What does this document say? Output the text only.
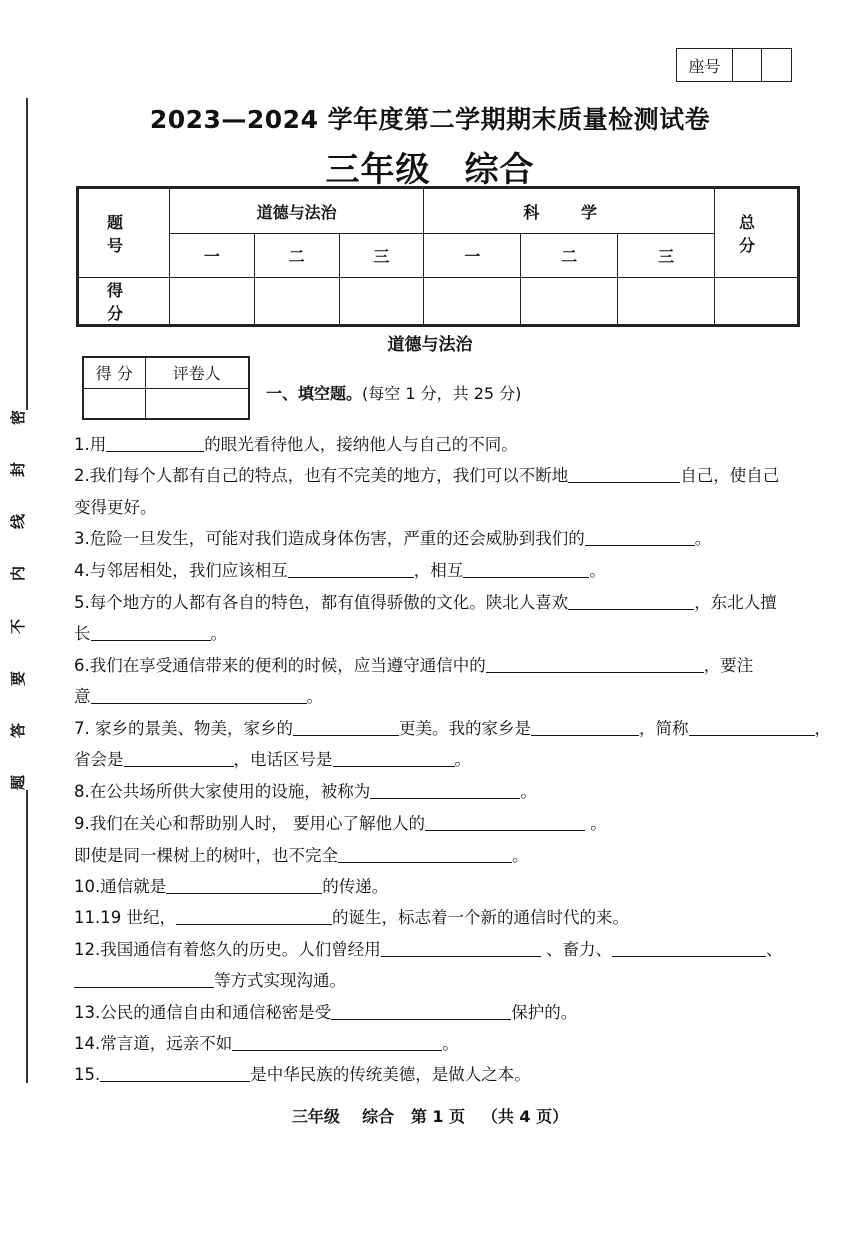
座号
密
封
线
内
不
要
答
题
2023—2024 学年度第二学期期末质量检测试卷
三年级 综合
题 号	道德与法治			科 学			总 分
	一	二	三	一	二	三	
得 分							
道德与法治
得 分	评卷人

一、填空题。(每空 1 分，共 25 分)
1.用	的眼光看待他人，接纳他人与自己的不同。
2.我们每个人都有自己的特点，也有不完美的地方，我们可以不断地	自己，使自己
变得更好。
3.危险一旦发生，可能对我们造成身体伤害，严重的还会威胁到我们的	。
4.与邻居相处，我们应该相互	，相互	。
5.每个地方的人都有各自的特色，都有值得骄傲的文化。陕北人喜欢	，东北人擅
长	。
6.我们在享受通信带来的便利的时候，应当遵守通信中的	，要注
意	。
7. 家乡的景美、物美，家乡的	更美。我的家乡是	，简称	，
省会是	，电话区号是	。
8.在公共场所供大家使用的设施，被称为	。
9.我们在关心和帮助别人时， 要用心了解他人的	。
即使是同一棵树上的树叶，也不完全	。
10.通信就是	的传递。
11.19 世纪，	的诞生，标志着一个新的通信时代的来。
12.我国通信有着悠久的历史。人们曾经用	、畜力、	、
等方式实现沟通。
13.公民的通信自由和通信秘密是受	保护的。
14.常言道，远亲不如	。
15.	是中华民族的传统美德，是做人之本。
三年级    综合   第 1 页   （共 4 页）
